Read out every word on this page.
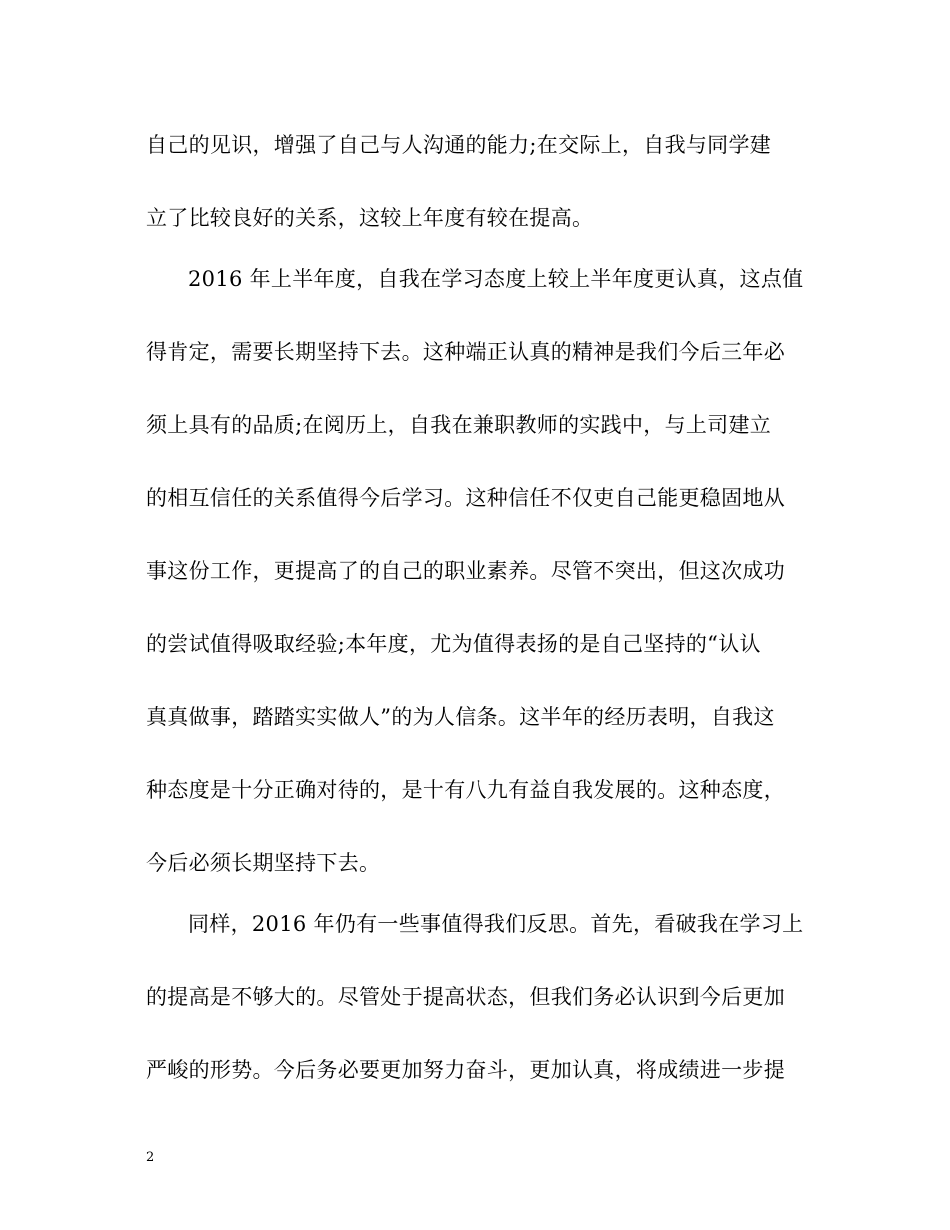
自己的见识，增强了自己与人沟通的能力;在交际上，自我与同学建
立了比较良好的关系，这较上年度有较在提高。
2016 年上半年度，自我在学习态度上较上半年度更认真，这点值
得肯定，需要长期坚持下去。这种端正认真的精神是我们今后三年必
须上具有的品质;在阅历上，自我在兼职教师的实践中，与上司建立
的相互信任的关系值得今后学习。这种信任不仅吏自己能更稳固地从
事这份工作，更提高了的自己的职业素养。尽管不突出，但这次成功
的尝试值得吸取经验;本年度，尤为值得表扬的是自己坚持的“认认
真真做事，踏踏实实做人”的为人信条。这半年的经历表明，自我这
种态度是十分正确对待的，是十有八九有益自我发展的。这种态度，
今后必须长期坚持下去。
同样，2016 年仍有一些事值得我们反思。首先，看破我在学习上
的提高是不够大的。尽管处于提高状态，但我们务必认识到今后更加
严峻的形势。今后务必要更加努力奋斗，更加认真，将成绩进一步提
2
